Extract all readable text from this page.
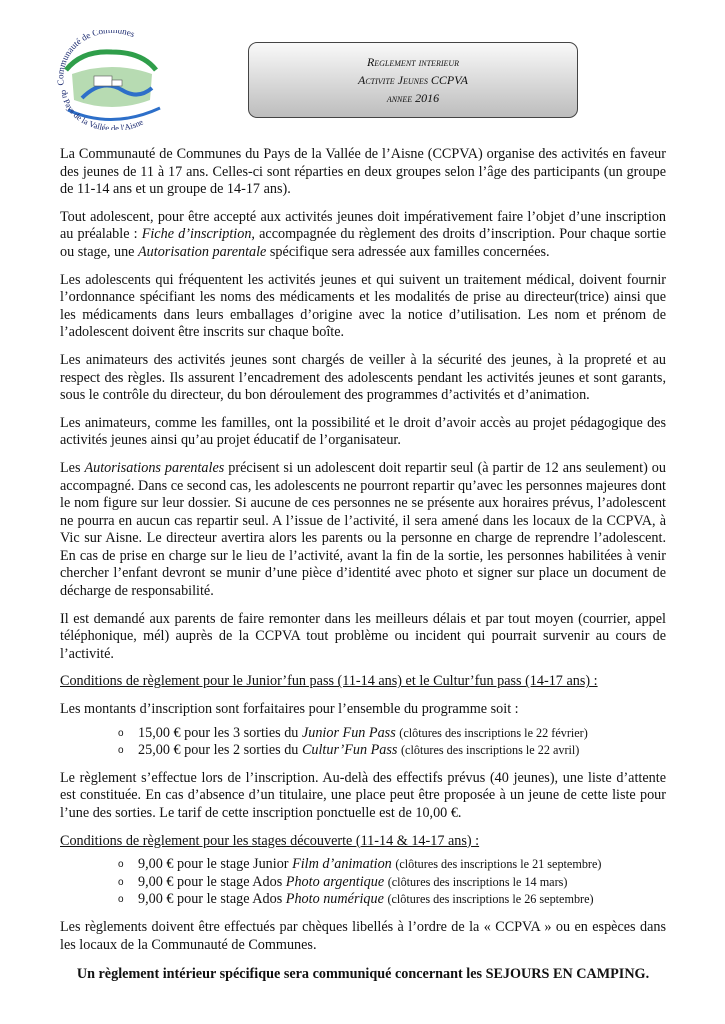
Communauté de Com unes
du Pays de la Vallée de l'Aisne
Reglement interieur
Activite Jeunes CCPVA
annee 2016

La Communauté de Communes du Pays de la Vallée de l’Aisne (CCPVA) organise des activités en faveur des jeunes de 11 à 17 ans. Celles-ci sont réparties en deux groupes selon l’âge des participants (un groupe de 11-14 ans et un groupe de 14-17 ans).

Tout adolescent, pour être accepté aux activités jeunes doit impérativement faire l’objet d’une inscription au préalable : Fiche d’inscription, accompagnée du règlement des droits d’inscription. Pour chaque sortie ou stage, une Autorisation parentale spécifique sera adressée aux familles concernées.

Les adolescents qui fréquentent les activités jeunes et qui suivent un traitement médical, doivent fournir l’ordonnance spécifiant les noms des médicaments et les modalités de prise au directeur(trice) ainsi que les médicaments dans leurs emballages d’origine avec la notice d’utilisation. Les nom et prénom de l’adolescent doivent être inscrits sur chaque boîte.

Les animateurs des activités jeunes sont chargés de veiller à la sécurité des jeunes, à la propreté et au respect des règles. Ils assurent l’encadrement des adolescents pendant les activités jeunes et sont garants, sous le contrôle du directeur, du bon déroulement des programmes d’activités et d’animation.

Les animateurs, comme les familles, ont la possibilité et le droit d’avoir accès au projet pédagogique des activités jeunes ainsi qu’au projet éducatif de l’organisateur.

Les Autorisations parentales précisent si un adolescent doit repartir seul (à partir de 12 ans seulement) ou accompagné. Dans ce second cas, les adolescents ne pourront repartir qu’avec les personnes majeures dont le nom figure sur leur dossier. Si aucune de ces personnes ne se présente aux horaires prévus, l’adolescent ne pourra en aucun cas repartir seul. A l’issue de l’activité, il sera amené dans les locaux de la CCPVA, à Vic sur Aisne. Le directeur avertira alors les parents ou la personne en charge de reprendre l’adolescent. En cas de prise en charge sur le lieu de l’activité, avant la fin de la sortie, les personnes habilitées à venir chercher l’enfant devront se munir d’une pièce d’identité avec photo et signer sur place un document de décharge de responsabilité.

Il est demandé aux parents de faire remonter dans les meilleurs délais et par tout moyen (courrier, appel téléphonique, mél) auprès de la CCPVA tout problème ou incident qui pourrait survenir au cours de l’activité.

Conditions de règlement pour le Junior’fun pass (11-14 ans) et le Cultur’fun pass (14-17 ans) :

Les montants d’inscription sont forfaitaires pour l’ensemble du programme soit :

o 15,00 € pour les 3 sorties du Junior Fun Pass (clôtures des inscriptions le 22 février)
o 25,00 € pour les 2 sorties du Cultur’Fun Pass (clôtures des inscriptions le 22 avril)

Le règlement s’effectue lors de l’inscription. Au-delà des effectifs prévus (40 jeunes), une liste d’attente est constituée. En cas d’absence d’un titulaire, une place peut être proposée à un jeune de cette liste pour l’une des sorties. Le tarif de cette inscription ponctuelle est de 10,00 €.

Conditions de règlement pour les stages découverte (11-14 & 14-17 ans) :

o 9,00 € pour le stage Junior Film d’animation (clôtures des inscriptions le 21 septembre)
o 9,00 € pour le stage Ados Photo argentique (clôtures des inscriptions le 14 mars)
o 9,00 € pour le stage Ados Photo numérique (clôtures des inscriptions le 26 septembre)

Les règlements doivent être effectués par chèques libellés à l’ordre de la « CCPVA » ou en espèces dans les locaux de la Communauté de Communes.

Un règlement intérieur spécifique sera communiqué concernant les SEJOURS EN CAMPING.
